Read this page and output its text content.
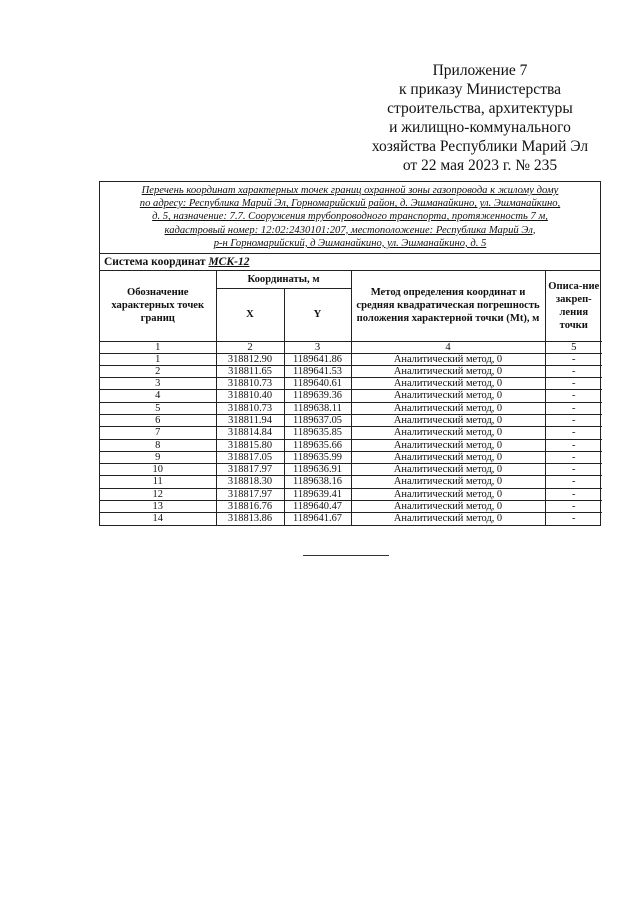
Приложение 7
к приказу Министерства
строительства, архитектуры
и жилищно-коммунального
хозяйства Республики Марий Эл
от 22 мая 2023 г. № 235
Перечень координат характерных точек границ охранной зоны газопровода к жилому дому
по адресу: Республика Марий Эл, Горномарийский район, д. Эшманайкино, ул. Эшманайкино,
д. 5, назначение: 7.7. Сооружения трубопроводного транспорта, протяженность 7 м,
кадастровый номер: 12:02:2430101:207, местоположение: Республика Марий Эл,
р-н Горномарийский, д Эшманайкино, ул. Эшманайкино, д. 5
Система координат МСК-12
Обозначение характерных точек границ	Координаты, м		Метод определения координат и средняя квадратическая погрешность положения характерной точки (Mt), м	Описа-ние закреп-ления точки
	X	Y		
1	2	3	4	5
1	318812.90	1189641.86	Аналитический метод, 0	-
2	318811.65	1189641.53	Аналитический метод, 0	-
3	318810.73	1189640.61	Аналитический метод, 0	-
4	318810.40	1189639.36	Аналитический метод, 0	-
5	318810.73	1189638.11	Аналитический метод, 0	-
6	318811.94	1189637.05	Аналитический метод, 0	-
7	318814.84	1189635.85	Аналитический метод, 0	-
8	318815.80	1189635.66	Аналитический метод, 0	-
9	318817.05	1189635.99	Аналитический метод, 0	-
10	318817.97	1189636.91	Аналитический метод, 0	-
11	318818.30	1189638.16	Аналитический метод, 0	-
12	318817.97	1189639.41	Аналитический метод, 0	-
13	318816.76	1189640.47	Аналитический метод, 0	-
14	318813.86	1189641.67	Аналитический метод, 0	-
